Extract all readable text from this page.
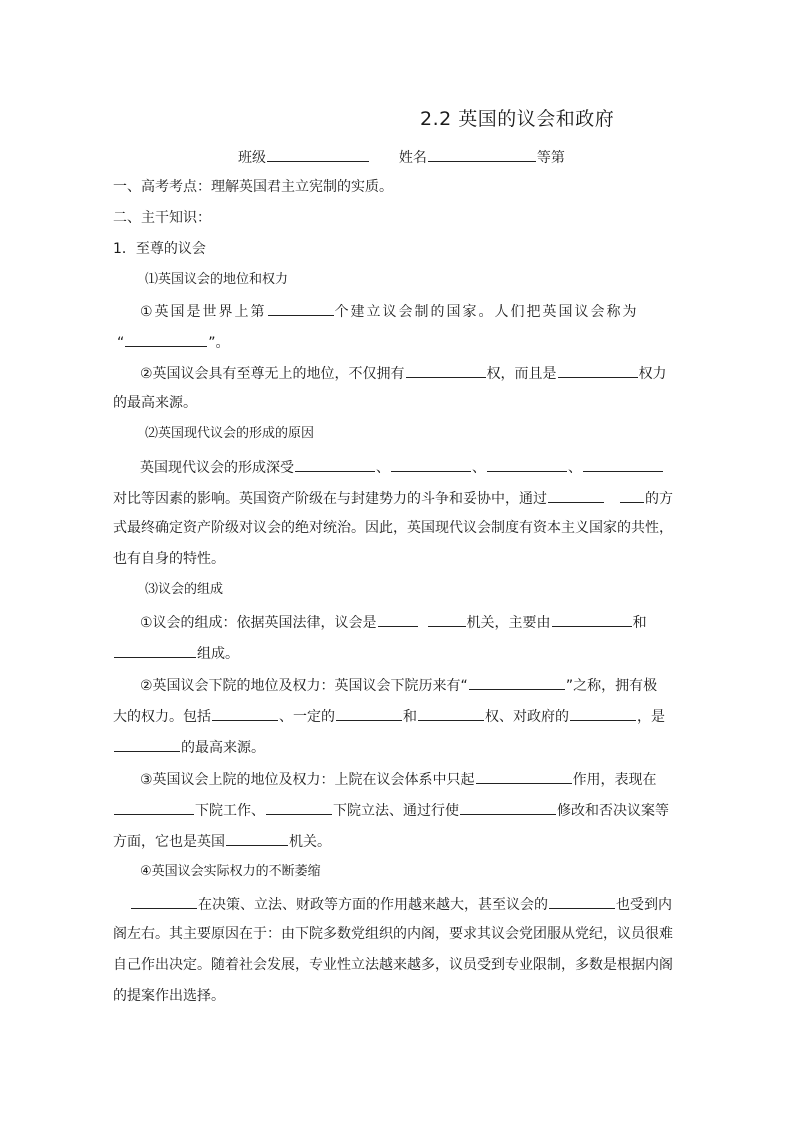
2.2 英国的议会和政府
班级	姓名	等第
一、高考考点：理解英国君主立宪制的实质。
二、主干知识：
1．至尊的议会
⑴英国议会的地位和权力
①英国是世界上第	个建立议会制的国家。人们把英国议会称为
“	”。
②英国议会具有至尊无上的地位，不仅拥有	权，而且是	权力
的最高来源。
⑵英国现代议会的形成的原因
英国现代议会的形成深受	、	、	、
对比等因素的影响。英国资产阶级在与封建势力的斗争和妥协中，通过	的方
式最终确定资产阶级对议会的绝对统治。因此，英国现代议会制度有资本主义国家的共性，
也有自身的特性。
⑶议会的组成
①议会的组成：依据英国法律，议会是	机关，主要由	和
组成。
②英国议会下院的地位及权力：英国议会下院历来有“	”之称，拥有极
大的权力。包括	、一定的	和	权、对政府的	，是
的最高来源。
③英国议会上院的地位及权力：上院在议会体系中只起	作用，表现在
下院工作、	下院立法、通过行使	修改和否决议案等
方面，它也是英国	机关。
④英国议会实际权力的不断萎缩
在决策、立法、财政等方面的作用越来越大，甚至议会的	也受到内
阁左右。其主要原因在于：由下院多数党组织的内阁，要求其议会党团服从党纪，议员很难
自己作出决定。随着社会发展，专业性立法越来越多，议员受到专业限制，多数是根据内阁
的提案作出选择。
